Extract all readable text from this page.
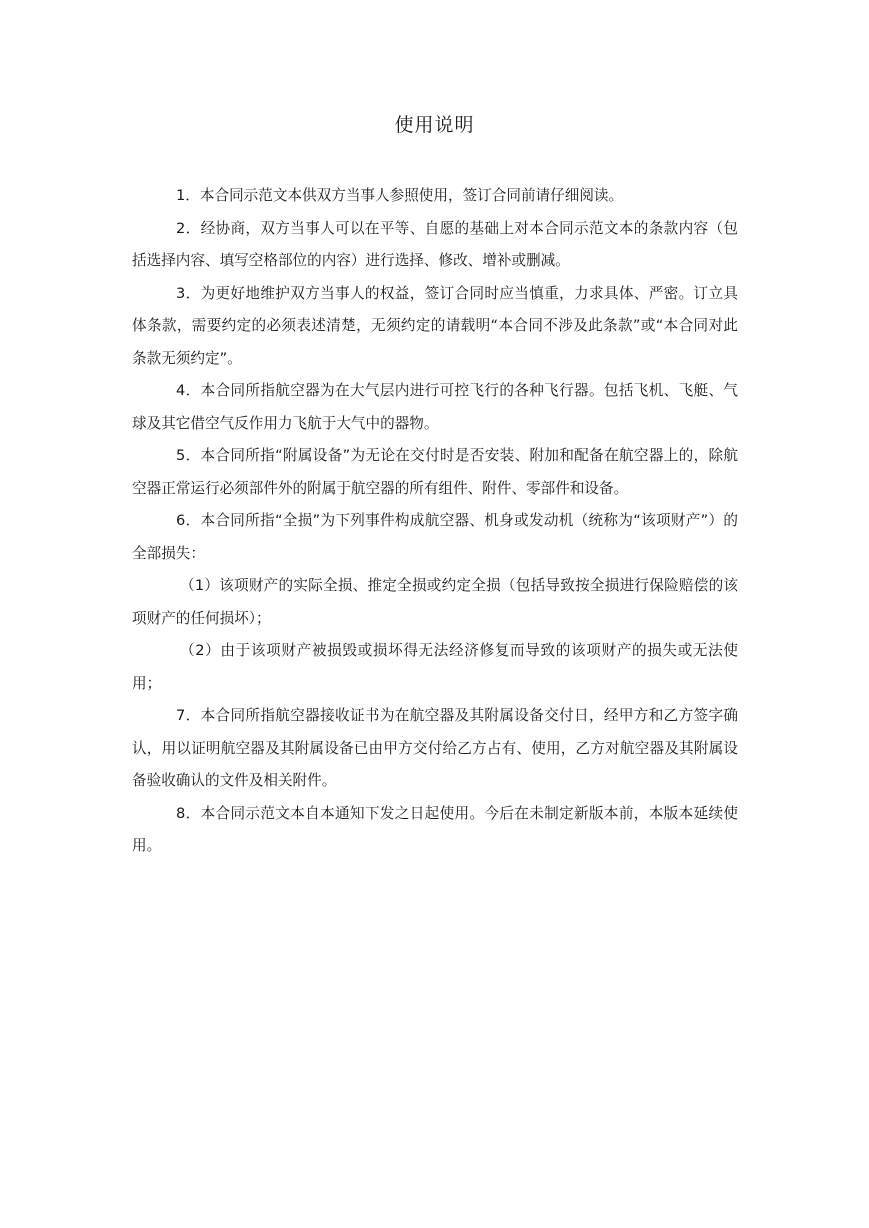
使用说明

1．本合同示范文本供双方当事人参照使用，签订合同前请仔细阅读。

2．经协商，双方当事人可以在平等、自愿的基础上对本合同示范文本的条款内容（包括选择内容、填写空格部位的内容）进行选择、修改、增补或删减。

3．为更好地维护双方当事人的权益，签订合同时应当慎重，力求具体、严密。订立具体条款，需要约定的必须表述清楚，无须约定的请载明“本合同不涉及此条款”或“本合同对此条款无须约定”。

4．本合同所指航空器为在大气层内进行可控飞行的各种飞行器。包括飞机、飞艇、气球及其它借空气反作用力飞航于大气中的器物。

5．本合同所指“附属设备”为无论在交付时是否安装、附加和配备在航空器上的，除航空器正常运行必须部件外的附属于航空器的所有组件、附件、零部件和设备。

6．本合同所指“全损”为下列事件构成航空器、机身或发动机（统称为“该项财产”）的全部损失：

（1）该项财产的实际全损、推定全损或约定全损（包括导致按全损进行保险赔偿的该项财产的任何损坏）；

（2）由于该项财产被损毁或损坏得无法经济修复而导致的该项财产的损失或无法使用；

7．本合同所指航空器接收证书为在航空器及其附属设备交付日，经甲方和乙方签字确认，用以证明航空器及其附属设备已由甲方交付给乙方占有、使用，乙方对航空器及其附属设备验收确认的文件及相关附件。

8．本合同示范文本自本通知下发之日起使用。今后在未制定新版本前，本版本延续使用。
